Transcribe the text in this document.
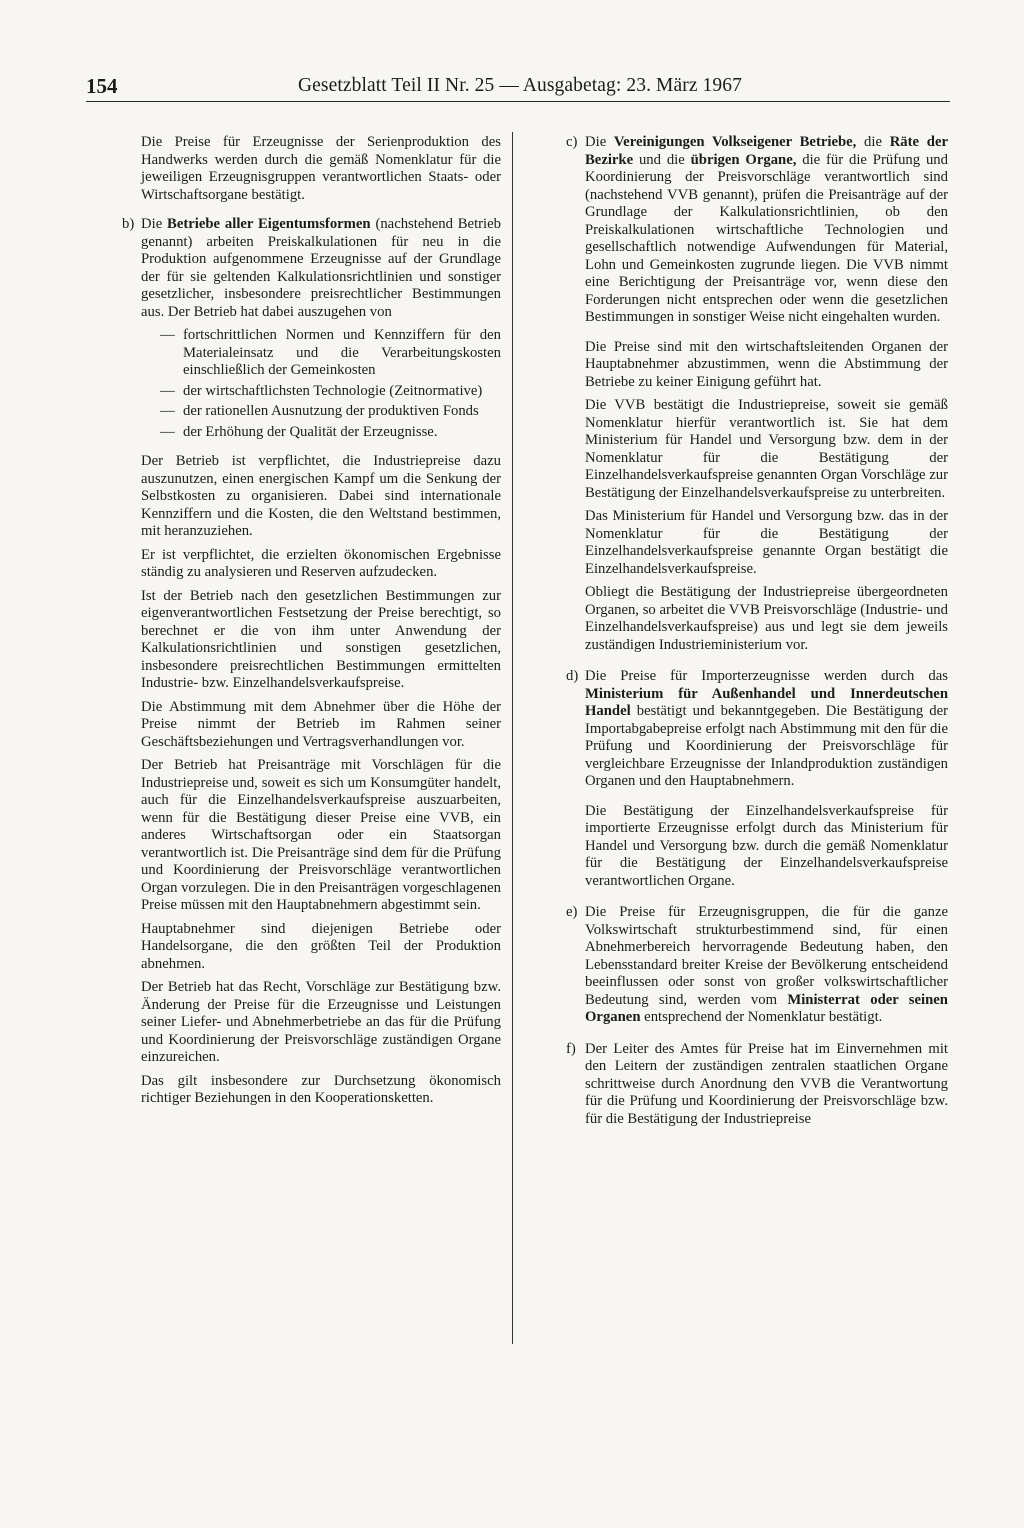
154	Gesetzblatt Teil II Nr. 25 — Ausgabetag: 23. März 1967

Die Preise für Erzeugnisse der Serienproduktion des Handwerks werden durch die gemäß Nomenklatur für die jeweiligen Erzeugnisgruppen verantwortlichen Staats- oder Wirtschaftsorgane bestätigt.

b) Die Betriebe aller Eigentumsformen (nachstehend Betrieb genannt) arbeiten Preiskalkulationen für neu in die Produktion aufgenommene Erzeugnisse auf der Grundlage der für sie geltenden Kalkulationsrichtlinien und sonstiger gesetzlicher, insbesondere preisrechtlicher Bestimmungen aus. Der Betrieb hat dabei auszugehen von
— fortschrittlichen Normen und Kennziffern für den Materialeinsatz und die Verarbeitungskosten einschließlich der Gemeinkosten
— der wirtschaftlichsten Technologie (Zeitnormative)
— der rationellen Ausnutzung der produktiven Fonds
— der Erhöhung der Qualität der Erzeugnisse.

Der Betrieb ist verpflichtet, die Industriepreise dazu auszunutzen, einen energischen Kampf um die Senkung der Selbstkosten zu organisieren. Dabei sind internationale Kennziffern und die Kosten, die den Weltstand bestimmen, mit heranzuziehen.

Er ist verpflichtet, die erzielten ökonomischen Ergebnisse ständig zu analysieren und Reserven aufzudecken.

Ist der Betrieb nach den gesetzlichen Bestimmungen zur eigenverantwortlichen Festsetzung der Preise berechtigt, so berechnet er die von ihm unter Anwendung der Kalkulationsrichtlinien und sonstigen gesetzlichen, insbesondere preisrechtlichen Bestimmungen ermittelten Industrie- bzw. Einzelhandelsverkaufspreise.

Die Abstimmung mit dem Abnehmer über die Höhe der Preise nimmt der Betrieb im Rahmen seiner Geschäftsbeziehungen und Vertragsverhandlungen vor.

Der Betrieb hat Preisanträge mit Vorschlägen für die Industriepreise und, soweit es sich um Konsumgüter handelt, auch für die Einzelhandelsverkaufspreise auszuarbeiten, wenn für die Bestätigung dieser Preise eine VVB, ein anderes Wirtschaftsorgan oder ein Staatsorgan verantwortlich ist. Die Preisanträge sind dem für die Prüfung und Koordinierung der Preisvorschläge verantwortlichen Organ vorzulegen. Die in den Preisanträgen vorgeschlagenen Preise müssen mit den Hauptabnehmern abgestimmt sein.

Hauptabnehmer sind diejenigen Betriebe oder Handelsorgane, die den größten Teil der Produktion abnehmen.

Der Betrieb hat das Recht, Vorschläge zur Bestätigung bzw. Änderung der Preise für die Erzeugnisse und Leistungen seiner Liefer- und Abnehmerbetriebe an das für die Prüfung und Koordinierung der Preisvorschläge zuständigen Organe einzureichen.

Das gilt insbesondere zur Durchsetzung ökonomisch richtiger Beziehungen in den Kooperationsketten.

c) Die Vereinigungen Volkseigener Betriebe, die Räte der Bezirke und die übrigen Organe, die für die Prüfung und Koordinierung der Preisvorschläge verantwortlich sind (nachstehend VVB genannt), prüfen die Preisanträge auf der Grundlage der Kalkulationsrichtlinien, ob den Preiskalkulationen wirtschaftliche Technologien und gesellschaftlich notwendige Aufwendungen für Material, Lohn und Gemeinkosten zugrunde liegen. Die VVB nimmt eine Berichtigung der Preisanträge vor, wenn diese den Forderungen nicht entsprechen oder wenn die gesetzlichen Bestimmungen in sonstiger Weise nicht eingehalten wurden.

Die Preise sind mit den wirtschaftsleitenden Organen der Hauptabnehmer abzustimmen, wenn die Abstimmung der Betriebe zu keiner Einigung geführt hat.

Die VVB bestätigt die Industriepreise, soweit sie gemäß Nomenklatur hierfür verantwortlich ist. Sie hat dem Ministerium für Handel und Versorgung bzw. dem in der Nomenklatur für die Bestätigung der Einzelhandelsverkaufspreise genannten Organ Vorschläge zur Bestätigung der Einzelhandelsverkaufspreise zu unterbreiten.

Das Ministerium für Handel und Versorgung bzw. das in der Nomenklatur für die Bestätigung der Einzelhandelsverkaufspreise genannte Organ bestätigt die Einzelhandelsverkaufspreise.

Obliegt die Bestätigung der Industriepreise übergeordneten Organen, so arbeitet die VVB Preisvorschläge (Industrie- und Einzelhandelsverkaufspreise) aus und legt sie dem jeweils zuständigen Industrieministerium vor.

d) Die Preise für Importerzeugnisse werden durch das Ministerium für Außenhandel und Innerdeutschen Handel bestätigt und bekanntgegeben. Die Bestätigung der Importabgabepreise erfolgt nach Abstimmung mit den für die Prüfung und Koordinierung der Preisvorschläge für vergleichbare Erzeugnisse der Inlandproduktion zuständigen Organen und den Hauptabnehmern.

Die Bestätigung der Einzelhandelsverkaufspreise für importierte Erzeugnisse erfolgt durch das Ministerium für Handel und Versorgung bzw. durch die gemäß Nomenklatur für die Bestätigung der Einzelhandelsverkaufspreise verantwortlichen Organe.

e) Die Preise für Erzeugnisgruppen, die für die ganze Volkswirtschaft strukturbestimmend sind, für einen Abnehmerbereich hervorragende Bedeutung haben, den Lebensstandard breiter Kreise der Bevölkerung entscheidend beeinflussen oder sonst von großer volkswirtschaftlicher Bedeutung sind, werden vom Ministerrat oder seinen Organen entsprechend der Nomenklatur bestätigt.
f) Der Leiter des Amtes für Preise hat im Einvernehmen mit den Leitern der zuständigen zentralen staatlichen Organe schrittweise durch Anordnung den VVB die Verantwortung für die Prüfung und Koordinierung der Preisvorschläge bzw. für die Bestätigung der Industriepreise
